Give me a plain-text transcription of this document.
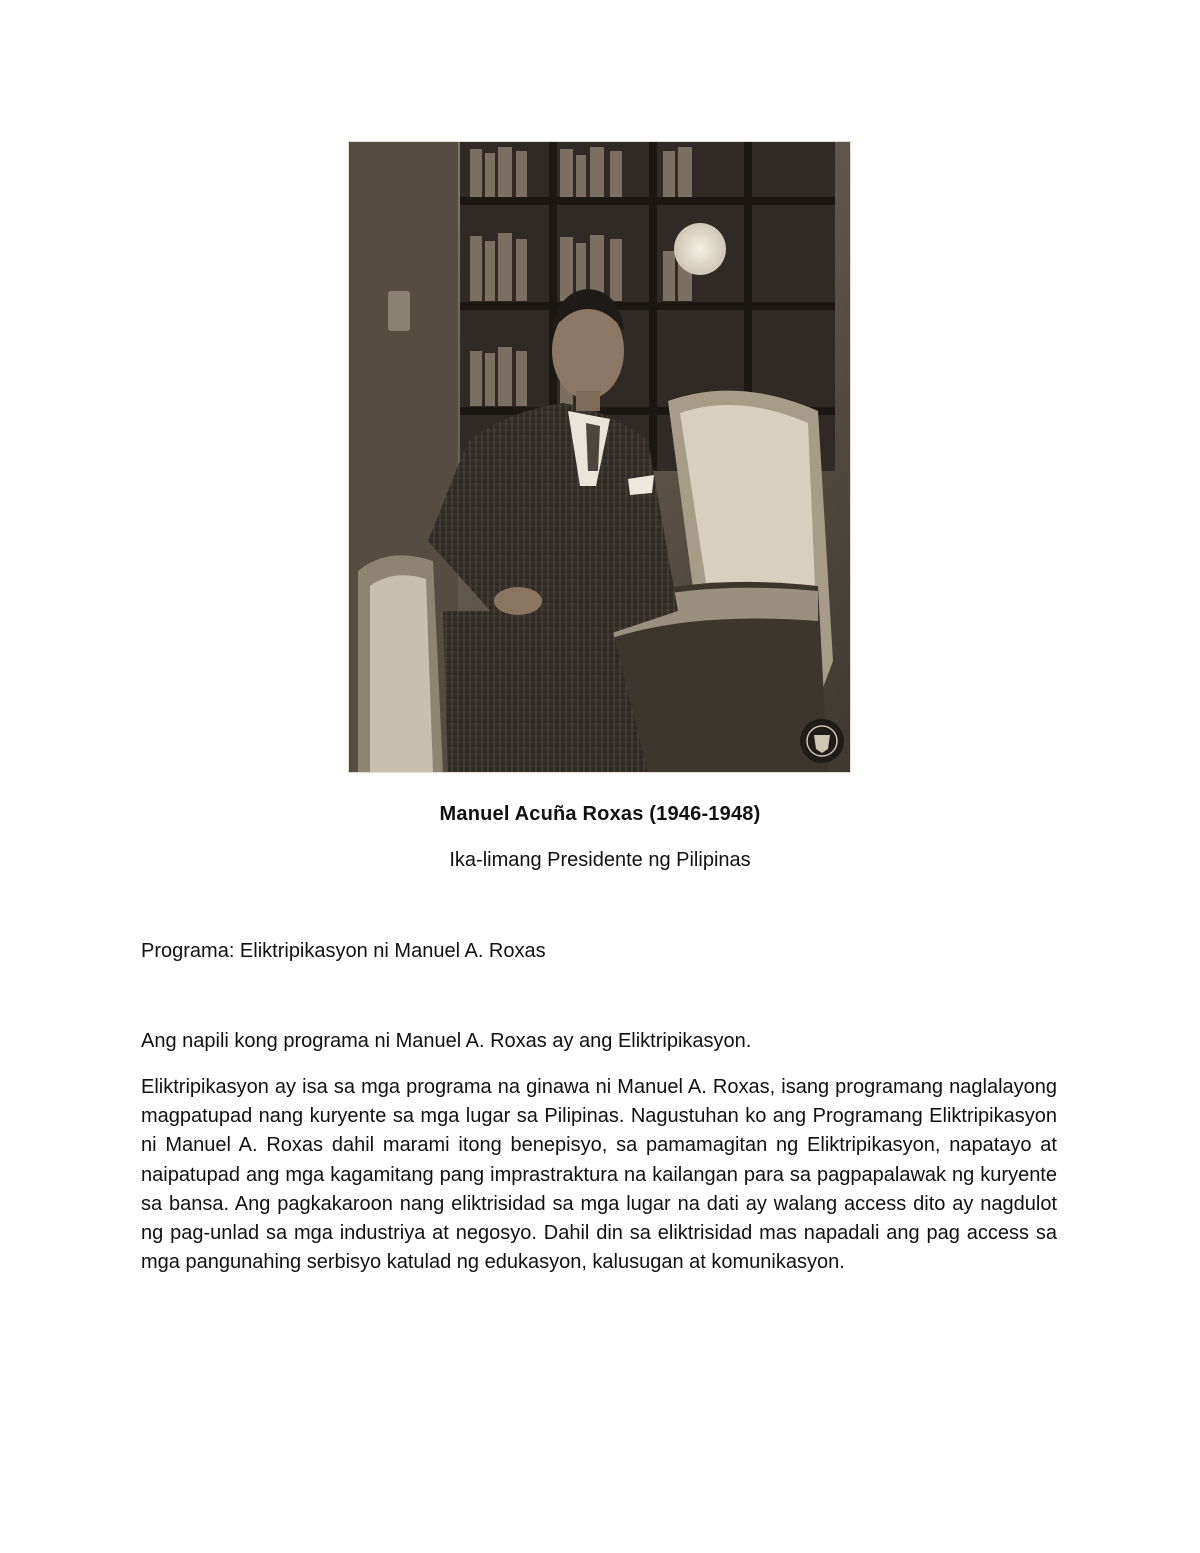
Manuel Acuña Roxas (1946-1948)
Ika-limang Presidente ng Pilipinas
Programa: Eliktripikasyon ni Manuel A. Roxas
Ang napili kong programa ni Manuel A. Roxas ay ang Eliktripikasyon.
Eliktripikasyon ay isa sa mga programa na ginawa ni Manuel A. Roxas, isang programang naglalayong magpatupad nang kuryente sa mga lugar sa Pilipinas. Nagustuhan ko ang Programang Eliktripikasyon ni Manuel A. Roxas dahil marami itong benepisyo, sa pamamagitan ng Eliktripikasyon, napatayo at naipatupad ang mga kagamitang pang imprastraktura na kailangan para sa pagpapalawak ng kuryente sa bansa. Ang pagkakaroon nang eliktrisidad sa mga lugar na dati ay walang access dito ay nagdulot ng pag-unlad sa mga industriya at negosyo. Dahil din sa eliktrisidad mas napadali ang pag access sa mga pangunahing serbisyo katulad ng edukasyon, kalusugan at komunikasyon.
